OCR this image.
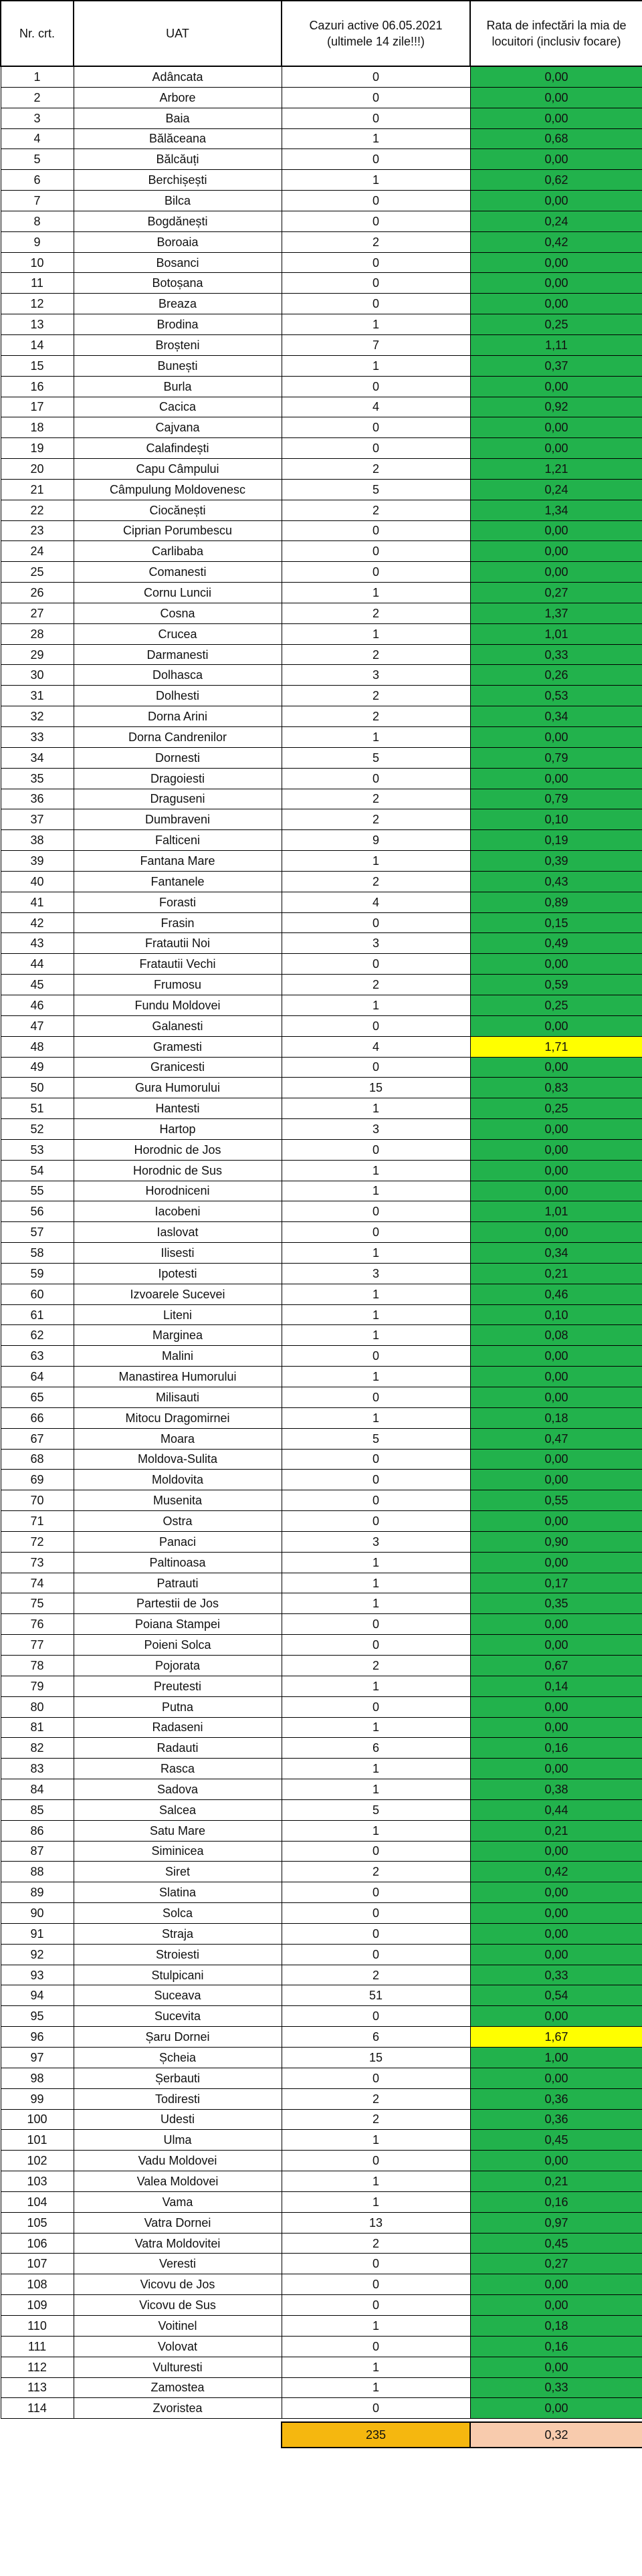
Nr. crt.	UAT	Cazuri active 06.05.2021 (ultimele 14 zile!!!)	Rata de infectări la mia de locuitori (inclusiv focare)
1	Adâncata	0	0,00
2	Arbore	0	0,00
3	Baia	0	0,00
4	Bălăceana	1	0,68
5	Bălcăuți	0	0,00
6	Berchișești	1	0,62
7	Bilca	0	0,00
8	Bogdănești	0	0,24
9	Boroaia	2	0,42
10	Bosanci	0	0,00
11	Botoșana	0	0,00
12	Breaza	0	0,00
13	Brodina	1	0,25
14	Broșteni	7	1,11
15	Bunești	1	0,37
16	Burla	0	0,00
17	Cacica	4	0,92
18	Cajvana	0	0,00
19	Calafindești	0	0,00
20	Capu Câmpului	2	1,21
21	Câmpulung Moldovenesc	5	0,24
22	Ciocănești	2	1,34
23	Ciprian Porumbescu	0	0,00
24	Carlibaba	0	0,00
25	Comanesti	0	0,00
26	Cornu Luncii	1	0,27
27	Cosna	2	1,37
28	Crucea	1	1,01
29	Darmanesti	2	0,33
30	Dolhasca	3	0,26
31	Dolhesti	2	0,53
32	Dorna Arini	2	0,34
33	Dorna Candrenilor	1	0,00
34	Dornesti	5	0,79
35	Dragoiesti	0	0,00
36	Draguseni	2	0,79
37	Dumbraveni	2	0,10
38	Falticeni	9	0,19
39	Fantana Mare	1	0,39
40	Fantanele	2	0,43
41	Forasti	4	0,89
42	Frasin	0	0,15
43	Fratautii Noi	3	0,49
44	Fratautii Vechi	0	0,00
45	Frumosu	2	0,59
46	Fundu Moldovei	1	0,25
47	Galanesti	0	0,00
48	Gramesti	4	1,71
49	Granicesti	0	0,00
50	Gura Humorului	15	0,83
51	Hantesti	1	0,25
52	Hartop	3	0,00
53	Horodnic de Jos	0	0,00
54	Horodnic de Sus	1	0,00
55	Horodniceni	1	0,00
56	Iacobeni	0	1,01
57	Iaslovat	0	0,00
58	Ilisesti	1	0,34
59	Ipotesti	3	0,21
60	Izvoarele Sucevei	1	0,46
61	Liteni	1	0,10
62	Marginea	1	0,08
63	Malini	0	0,00
64	Manastirea Humorului	1	0,00
65	Milisauti	0	0,00
66	Mitocu Dragomirnei	1	0,18
67	Moara	5	0,47
68	Moldova-Sulita	0	0,00
69	Moldovita	0	0,00
70	Musenita	0	0,55
71	Ostra	0	0,00
72	Panaci	3	0,90
73	Paltinoasa	1	0,00
74	Patrauti	1	0,17
75	Partestii de Jos	1	0,35
76	Poiana Stampei	0	0,00
77	Poieni Solca	0	0,00
78	Pojorata	2	0,67
79	Preutesti	1	0,14
80	Putna	0	0,00
81	Radaseni	1	0,00
82	Radauti	6	0,16
83	Rasca	1	0,00
84	Sadova	1	0,38
85	Salcea	5	0,44
86	Satu Mare	1	0,21
87	Siminicea	0	0,00
88	Siret	2	0,42
89	Slatina	0	0,00
90	Solca	0	0,00
91	Straja	0	0,00
92	Stroiesti	0	0,00
93	Stulpicani	2	0,33
94	Suceava	51	0,54
95	Sucevita	0	0,00
96	Șaru Dornei	6	1,67
97	Șcheia	15	1,00
98	Șerbauti	0	0,00
99	Todiresti	2	0,36
100	Udesti	2	0,36
101	Ulma	1	0,45
102	Vadu Moldovei	0	0,00
103	Valea Moldovei	1	0,21
104	Vama	1	0,16
105	Vatra Dornei	13	0,97
106	Vatra Moldovitei	2	0,45
107	Veresti	0	0,27
108	Vicovu de Jos	0	0,00
109	Vicovu de Sus	0	0,00
110	Voitinel	1	0,18
111	Volovat	0	0,16
112	Vulturesti	1	0,00
113	Zamostea	1	0,33
114	Zvoristea	0	0,00

		235	0,32
